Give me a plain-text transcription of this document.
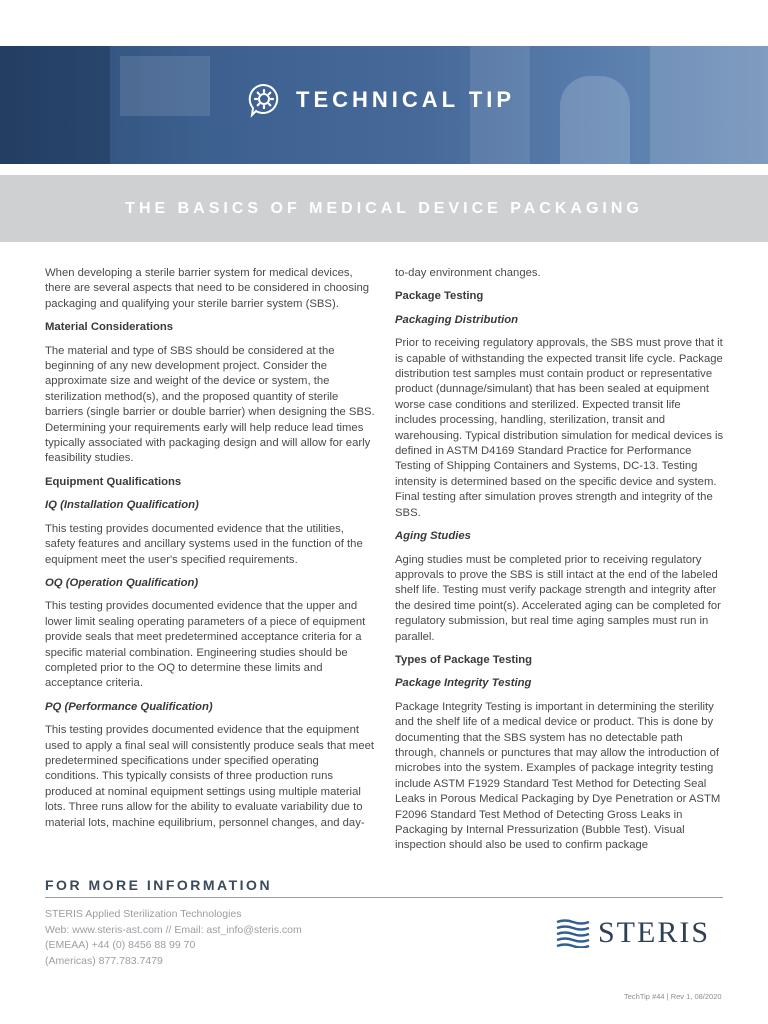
TECHNICAL TIP
THE BASICS OF MEDICAL DEVICE PACKAGING

When developing a sterile barrier system for medical devices, there are several aspects that need to be considered in choosing packaging and qualifying your sterile barrier system (SBS).

Material Considerations

The material and type of SBS should be considered at the beginning of any new development project. Consider the approximate size and weight of the device or system, the sterilization method(s), and the proposed quantity of sterile barriers (single barrier or double barrier) when designing the SBS. Determining your requirements early will help reduce lead times typically associated with packaging design and will allow for early feasibility studies.

Equipment Qualifications
IQ (Installation Qualification)

This testing provides documented evidence that the utilities, safety features and ancillary systems used in the function of the equipment meet the user's specified requirements.

OQ (Operation Qualification)

This testing provides documented evidence that the upper and lower limit sealing operating parameters of a piece of equipment provide seals that meet predetermined acceptance criteria for a specific material combination. Engineering studies should be completed prior to the OQ to determine these limits and acceptance criteria.

PQ (Performance Qualification)

This testing provides documented evidence that the equipment used to apply a final seal will consistently produce seals that meet predetermined specifications under specified operating conditions. This typically consists of three production runs produced at nominal equipment settings using multiple material lots. Three runs allow for the ability to evaluate variability due to material lots, machine equilibrium, personnel changes, and day-

to-day environment changes.

Package Testing
Packaging Distribution

Prior to receiving regulatory approvals, the SBS must prove that it is capable of withstanding the expected transit life cycle. Package distribution test samples must contain product or representative product (dunnage/simulant) that has been sealed at equipment worse case conditions and sterilized. Expected transit life includes processing, handling, sterilization, transit and warehousing. Typical distribution simulation for medical devices is defined in ASTM D4169 Standard Practice for Performance Testing of Shipping Containers and Systems, DC-13. Testing intensity is determined based on the specific device and system. Final testing after simulation proves strength and integrity of the SBS.

Aging Studies

Aging studies must be completed prior to receiving regulatory approvals to prove the SBS is still intact at the end of the labeled shelf life. Testing must verify package strength and integrity after the desired time point(s). Accelerated aging can be completed for regulatory submission, but real time aging samples must run in parallel.

Types of Package Testing
Package Integrity Testing

Package Integrity Testing is important in determining the sterility and the shelf life of a medical device or product. This is done by documenting that the SBS system has no detectable path through, channels or punctures that may allow the introduction of microbes into the system. Examples of package integrity testing include ASTM F1929 Standard Test Method for Detecting Seal Leaks in Porous Medical Packaging by Dye Penetration or ASTM F2096 Standard Test Method of Detecting Gross Leaks in Packaging by Internal Pressurization (Bubble Test). Visual inspection should also be used to confirm package

FOR MORE INFORMATION
STERIS Applied Sterilization Technologies
Web: www.steris-ast.com // Email: ast_info@steris.com
(EMEAA) +44 (0) 8456 88 99 70
(Americas) 877.783.7479
STERIS
TechTip #44 | Rev 1, 08/2020
